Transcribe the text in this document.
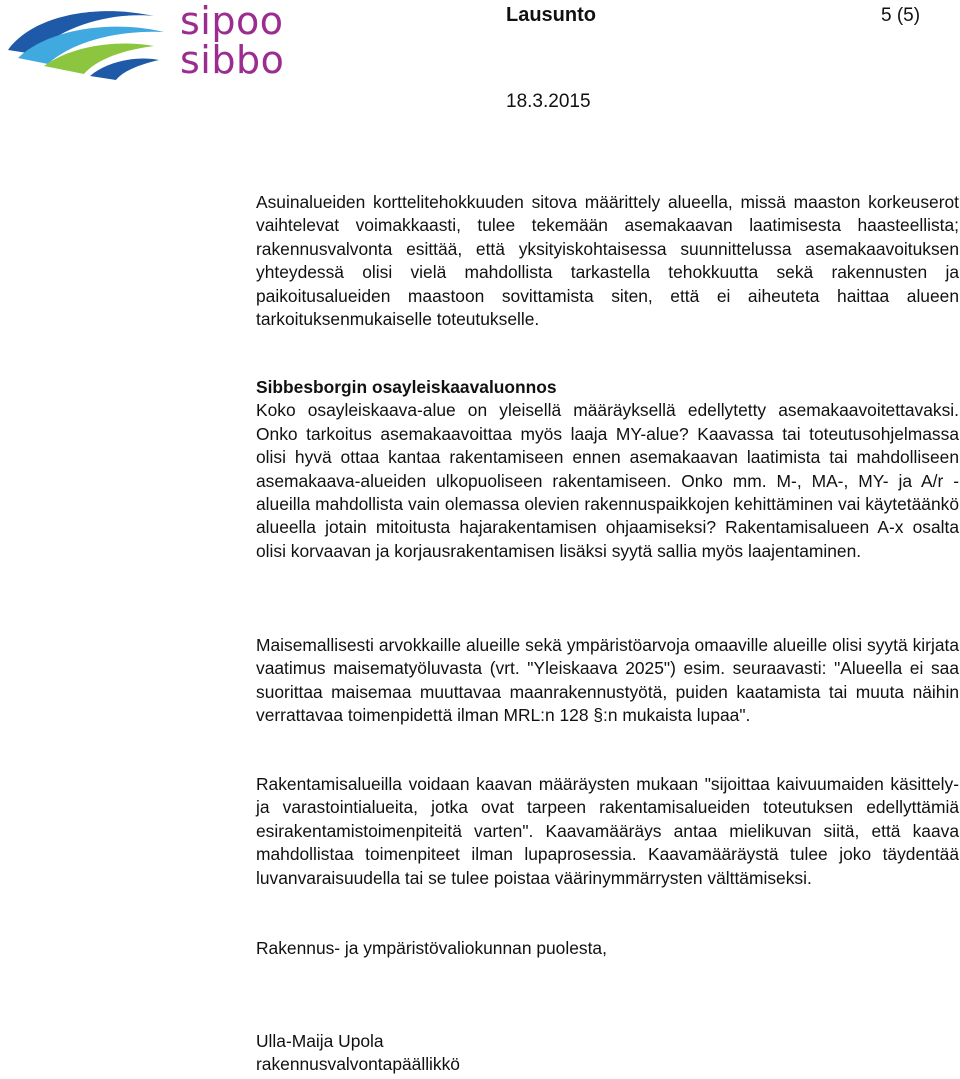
sipoo
sibbo
Lausunto	5 (5)
18.3.2015

Asuinalueiden korttelitehokkuuden sitova määrittely alueella, missä maaston korkeuserot vaihtelevat voimakkaasti, tulee tekemään asemakaavan laatimisesta haasteellista; rakennusvalvonta esittää, että yksityiskohtaisessa suunnittelussa asemakaavoituksen yhteydessä olisi vielä mahdollista tarkastella tehokkuutta sekä rakennusten ja paikoitusalueiden maastoon sovittamista siten, että ei aiheuteta haittaa alueen tarkoituksenmukaiselle toteutukselle.

Sibbesborgin osayleiskaavaluonnos

Koko osayleiskaava-alue on yleisellä määräyksellä edellytetty asemakaavoitettavaksi. Onko tarkoitus asemakaavoittaa myös laaja MY-alue? Kaavassa tai toteutusohjelmassa olisi hyvä ottaa kantaa rakentamiseen ennen asemakaavan laatimista tai mahdolliseen asemakaava-alueiden ulkopuoliseen rakentamiseen. Onko mm. M-, MA-, MY- ja A/r -alueilla mahdollista vain olemassa olevien rakennuspaikkojen kehittäminen vai käytetäänkö alueella jotain mitoitusta hajarakentamisen ohjaamiseksi? Rakentamisalueen A-x osalta olisi korvaavan ja korjausrakentamisen lisäksi syytä sallia myös laajentaminen.

Maisemallisesti arvokkaille alueille sekä ympäristöarvoja omaaville alueille olisi syytä kirjata vaatimus maisematyöluvasta (vrt. "Yleiskaava 2025") esim. seuraavasti: "Alueella ei saa suorittaa maisemaa muuttavaa maanrakennustyötä, puiden kaatamista tai muuta näihin verrattavaa toimenpidettä ilman MRL:n 128 §:n mukaista lupaa".

Rakentamisalueilla voidaan kaavan määräysten mukaan "sijoittaa kaivuumaiden käsittely- ja varastointialueita, jotka ovat tarpeen rakentamisalueiden toteutuksen edellyttämiä esirakentamistoimenpiteitä varten". Kaavamääräys antaa mielikuvan siitä, että kaava mahdollistaa toimenpiteet ilman lupaprosessia. Kaavamääräystä tulee joko täydentää luvanvaraisuudella tai se tulee poistaa väärinymmärrysten välttämiseksi.

Rakennus- ja ympäristövaliokunnan puolesta,

Ulla-Maija Upola
rakennusvalvontapäällikkö
